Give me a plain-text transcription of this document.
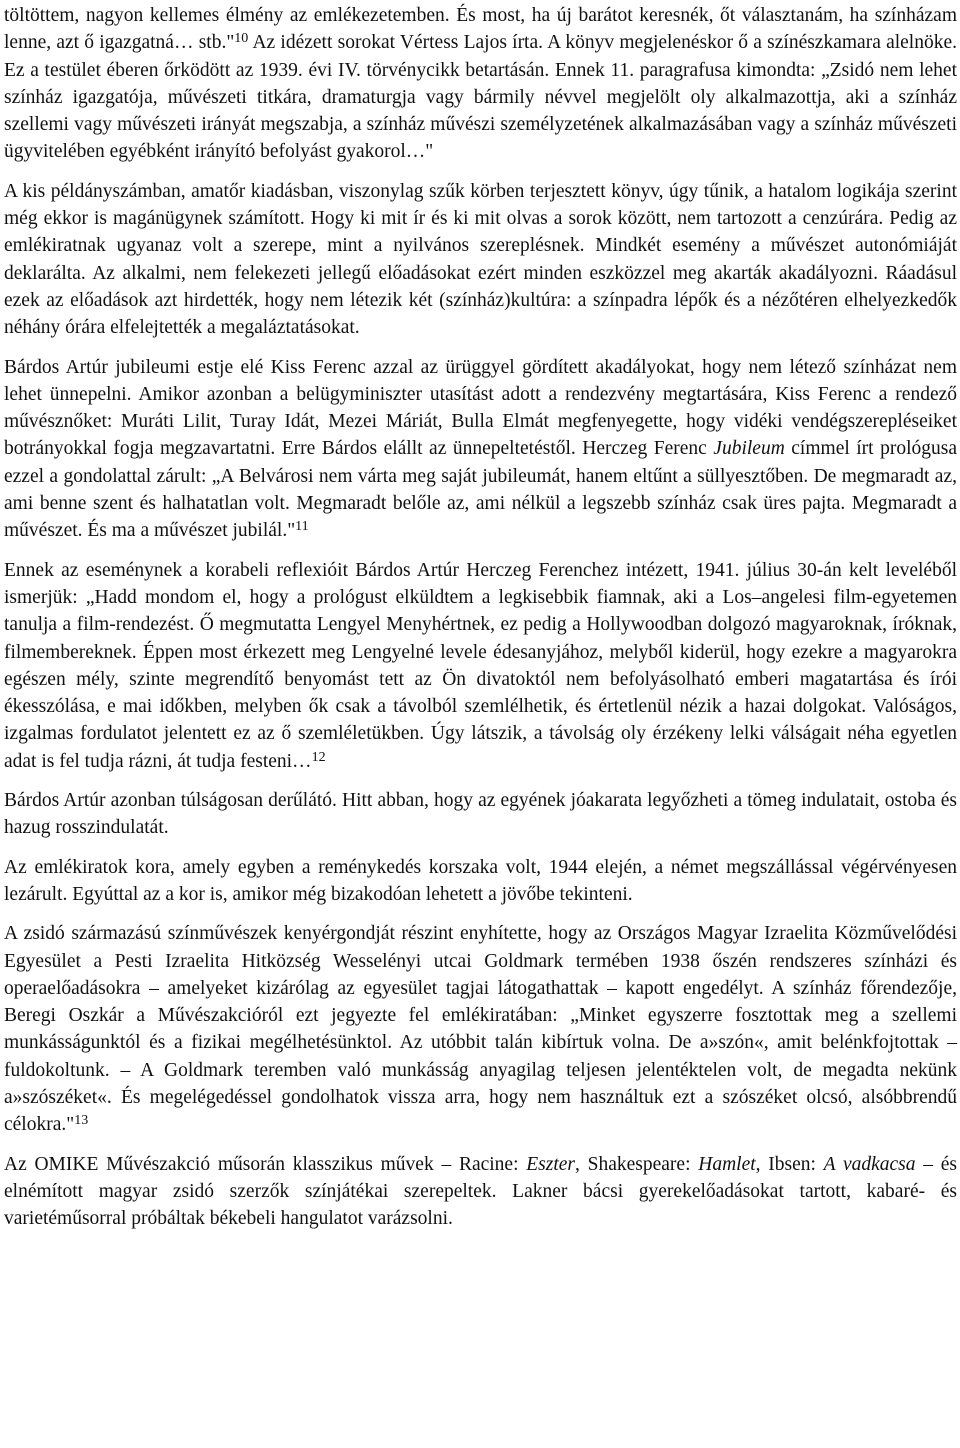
töltöttem, nagyon kellemes élmény az emlékezetemben. És most, ha új barátot keresnék, őt választanám, ha színházam lenne, azt ő igazgatná… stb."$^{10}$ Az idézett sorokat Vértess Lajos írta. A könyv megjelenéskor ő a színészkamara alelnöke. Ez a testület éberen őrködött az 1939. évi IV. törvénycikk betartásán. Ennek 11. paragrafusa kimondta: „Zsidó nem lehet színház igazgatója, művészeti titkára, dramaturgja vagy bármily névvel megjelölt oly alkalmazottja, aki a színház szellemi vagy művészeti irányát megszabja, a színház művészi személyzetének alkalmazásában vagy a színház művészeti ügyvitelében egyébként irányító befolyást gyakorol…"

A kis példányszámban, amatőr kiadásban, viszonylag szűk körben terjesztett könyv, úgy tűnik, a hatalom logikája szerint még ekkor is magánügynek számított. Hogy ki mit ír és ki mit olvas a sorok között, nem tartozott a cenzúrára. Pedig az emlékiratnak ugyanaz volt a szerepe, mint a nyilvános szereplésnek. Mindkét esemény a művészet autonómiáját deklarálta. Az alkalmi, nem felekezeti jellegű előadásokat ezért minden eszközzel meg akarták akadályozni. Ráadásul ezek az előadások azt hirdették, hogy nem létezik két (színház)kultúra: a színpadra lépők és a nézőtéren elhelyezkedők néhány órára elfelejtették a megaláztatásokat.

Bárdos Artúr jubileumi estje elé Kiss Ferenc azzal az ürüggyel gördített akadályokat, hogy nem létező színházat nem lehet ünnepelni. Amikor azonban a belügyminiszter utasítást adott a rendezvény megtartására, Kiss Ferenc a rendező művésznőket: Muráti Lilit, Turay Idát, Mezei Máriát, Bulla Elmát megfenyegette, hogy vidéki vendégszerepléseiket botrányokkal fogja megzavartatni. Erre Bárdos elállt az ünnepeltetéstől. Herczeg Ferenc Jubileum címmel írt prológusa ezzel a gondolattal zárult: „A Belvárosi nem várta meg saját jubileumát, hanem eltűnt a süllyesztőben. De megmaradt az, ami benne szent és halhatatlan volt. Megmaradt belőle az, ami nélkül a legszebb színház csak üres pajta. Megmaradt a művészet. És ma a művészet jubilál."$^{11}$

Ennek az eseménynek a korabeli reflexióit Bárdos Artúr Herczeg Ferenchez intézett, 1941. július 30-án kelt leveléből ismerjük: „Hadd mondom el, hogy a prológust elküldtem a legkisebbik fiamnak, aki a Los–angelesi film-egyetemen tanulja a film-rendezést. Ő megmutatta Lengyel Menyhértnek, ez pedig a Hollywoodban dolgozó magyaroknak, íróknak, filmembereknek. Éppen most érkezett meg Lengyelné levele édesanyjához, melyből kiderül, hogy ezekre a magyarokra egészen mély, szinte megrendítő benyomást tett az Ön divatoktól nem befolyásolható emberi magatartása és írói ékesszólása, e mai időkben, melyben ők csak a távolból szemlélhetik, és értetlenül nézik a hazai dolgokat. Valóságos, izgalmas fordulatot jelentett ez az ő szemléletükben. Úgy látszik, a távolság oly érzékeny lelki válságait néha egyetlen adat is fel tudja rázni, át tudja festeni…$^{12}$

Bárdos Artúr azonban túlságosan derűlátó. Hitt abban, hogy az egyének jóakarata legyőzheti a tömeg indulatait, ostoba és hazug rosszindulatát.

Az emlékiratok kora, amely egyben a reménykedés korszaka volt, 1944 elején, a német megszállással végérvényesen lezárult. Egyúttal az a kor is, amikor még bizakodóan lehetett a jövőbe tekinteni.

A zsidó származású színművészek kenyérgondját részint enyhítette, hogy az Országos Magyar Izraelita Közművelődési Egyesület a Pesti Izraelita Hitközség Wesselényi utcai Goldmark termében 1938 őszén rendszeres színházi és operaelőadásokra – amelyeket kizárólag az egyesület tagjai látogathattak – kapott engedélyt. A színház főrendezője, Beregi Oszkár a Művészakcióról ezt jegyezte fel emlékiratában: „Minket egyszerre fosztottak meg a szellemi munkásságunktól és a fizikai megélhetésünktol. Az utóbbit talán kibírtuk volna. De a»szón«, amit belénkfojtottak – fuldokoltunk. – A Goldmark teremben való munkásság anyagilag teljesen jelentéktelen volt, de megadta nekünk a»szószéket«. És megelégedéssel gondolhatok vissza arra, hogy nem használtuk ezt a szószéket olcsó, alsóbbrendű célokra."$^{13}$

Az OMIKE Művészakció műsorán klasszikus művek – Racine: Eszter, Shakespeare: Hamlet, Ibsen: A vadkacsa – és elnémított magyar zsidó szerzők színjátékai szerepeltek. Lakner bácsi gyerekelőadásokat tartott, kabaré- és varietéműsorral próbáltak békebeli hangulatot varázsolni.
